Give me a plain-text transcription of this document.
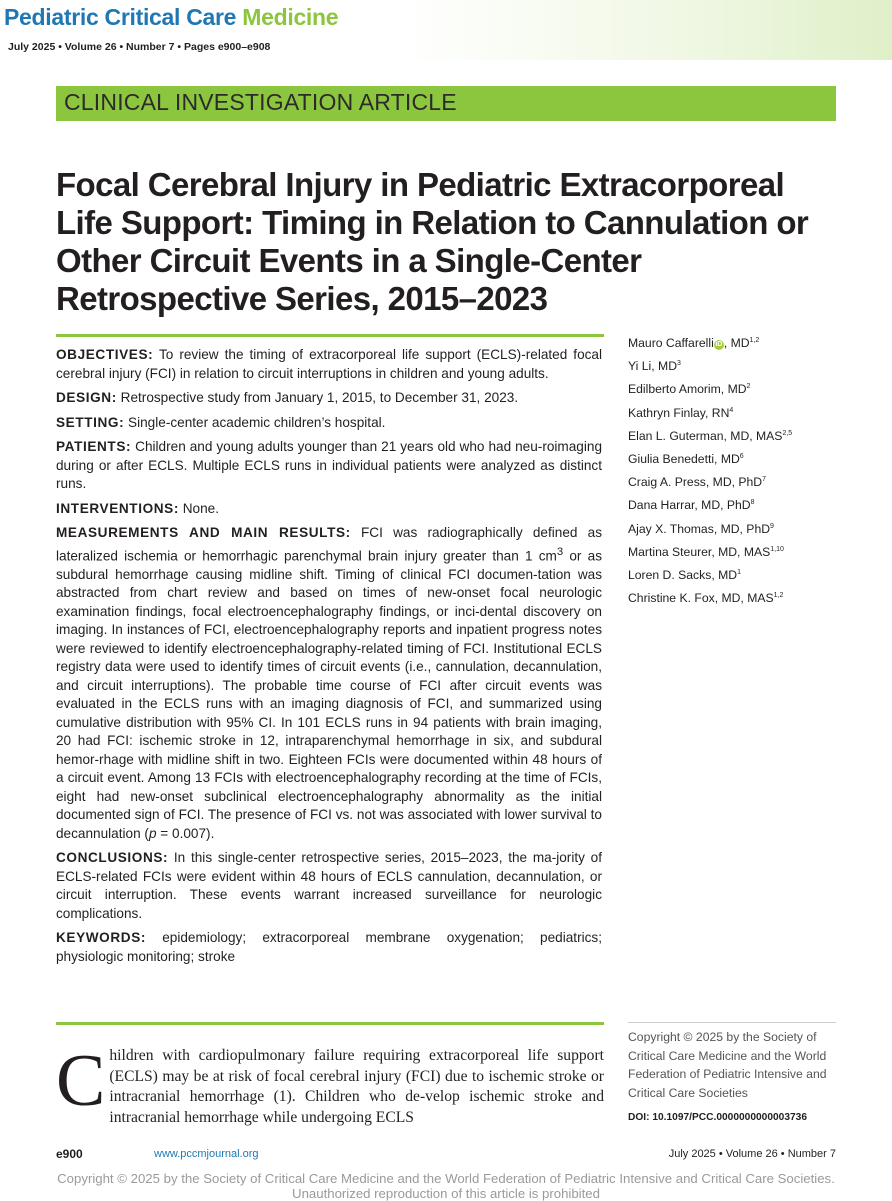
Pediatric Critical Care Medicine
July 2025 • Volume 26 • Number 7 • Pages e900–e908
CLINICAL INVESTIGATION ARTICLE
Focal Cerebral Injury in Pediatric Extracorporeal Life Support: Timing in Relation to Cannulation or Other Circuit Events in a Single-Center Retrospective Series, 2015–2023

OBJECTIVES: To review the timing of extracorporeal life support (ECLS)-related focal cerebral injury (FCI) in relation to circuit interruptions in children and young adults.

DESIGN: Retrospective study from January 1, 2015, to December 31, 2023.

SETTING: Single-center academic children’s hospital.

PATIENTS: Children and young adults younger than 21 years old who had neu-roimaging during or after ECLS. Multiple ECLS runs in individual patients were analyzed as distinct runs.

INTERVENTIONS: None.

MEASUREMENTS AND MAIN RESULTS: FCI was radiographically defined as lateralized ischemia or hemorrhagic parenchymal brain injury greater than 1 $cm^3$ or as subdural hemorrhage causing midline shift. Timing of clinical FCI documen-tation was abstracted from chart review and based on times of new-onset focal neurologic examination findings, focal electroencephalography findings, or inci-dental discovery on imaging. In instances of FCI, electroencephalography reports and inpatient progress notes were reviewed to identify electroencephalography-related timing of FCI. Institutional ECLS registry data were used to identify times of circuit events (i.e., cannulation, decannulation, and circuit interruptions). The probable time course of FCI after circuit events was evaluated in the ECLS runs with an imaging diagnosis of FCI, and summarized using cumulative distribution with 95% CI. In 101 ECLS runs in 94 patients with brain imaging, 20 had FCI: ischemic stroke in 12, intraparenchymal hemorrhage in six, and subdural hemor-rhage with midline shift in two. Eighteen FCIs were documented within 48 hours of a circuit event. Among 13 FCIs with electroencephalography recording at the time of FCIs, eight had new-onset subclinical electroencephalography abnormality as the initial documented sign of FCI. The presence of FCI vs. not was associated with lower survival to decannulation (p = 0.007).

CONCLUSIONS: In this single-center retrospective series, 2015–2023, the ma-jority of ECLS-related FCIs were evident within 48 hours of ECLS cannulation, decannulation, or circuit interruption. These events warrant increased surveillance for neurologic complications.

KEYWORDS: epidemiology; extracorporeal membrane oxygenation; pediatrics; physiologic monitoring; stroke

Mauro Caffarelli iD , MD$^{1,2}$
Yi Li, $MD^3$
Edilberto Amorim, $MD^2$
Kathryn Finlay, $RN^4$
Elan L. Guterman, MD, MAS$^{2,5}$
Giulia Benedetti, $MD^6$
Craig A. Press, MD, PhD$^7$
Dana Harrar, MD, PhD$^8$
Ajay X. Thomas, MD, PhD$^9$
Martina Steurer, MD, MAS$^{1,10}$
Loren D. Sacks, $MD^1$
Christine K. Fox, MD, MAS$^{1,2}$
Copyright © 2025 by the Society of Critical Care Medicine and the World Federation of Pediatric Intensive and Critical Care Societies
DOI: 10.1097/PCC.0000000000003736
Children with cardiopulmonary failure requiring extracorporeal life support (ECLS) may be at risk of focal cerebral injury (FCI) due to ischemic stroke or intracranial hemorrhage (1). Children who de-velop ischemic stroke and intracranial hemorrhage while undergoing ECLS
e900	www.pccmjournal.org	July 2025 • Volume 26 • Number 7
Copyright © 2025 by the Society of Critical Care Medicine and the World Federation of Pediatric Intensive and Critical Care Societies.
Unauthorized reproduction of this article is prohibited
